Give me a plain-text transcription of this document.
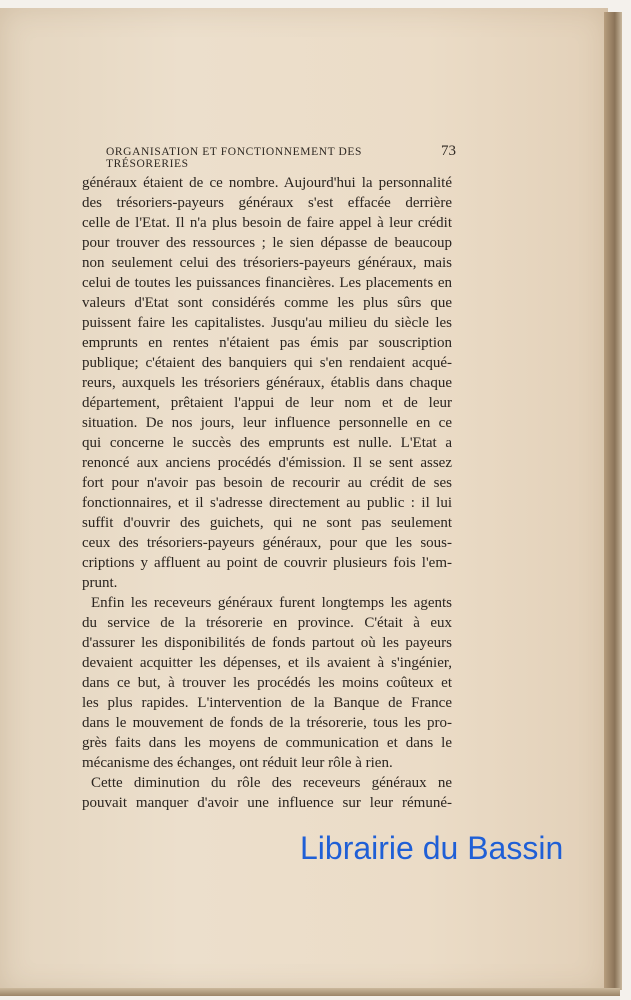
ORGANISATION ET FONCTIONNEMENT DES TRÉSORERIES
73
généraux étaient de ce nombre. Aujourd'hui la personnalité
des trésoriers-payeurs généraux s'est effacée derrière
celle de l'Etat. Il n'a plus besoin de faire appel à leur crédit
pour trouver des ressources ; le sien dépasse de beaucoup
non seulement celui des trésoriers-payeurs généraux, mais
celui de toutes les puissances financières. Les placements en
valeurs d'Etat sont considérés comme les plus sûrs que
puissent faire les capitalistes. Jusqu'au milieu du siècle les
emprunts en rentes n'étaient pas émis par souscription
publique; c'étaient des banquiers qui s'en rendaient acqué-
reurs, auxquels les trésoriers généraux, établis dans chaque
département, prêtaient l'appui de leur nom et de leur
situation. De nos jours, leur influence personnelle en ce
qui concerne le succès des emprunts est nulle. L'Etat a
renoncé aux anciens procédés d'émission. Il se sent assez
fort pour n'avoir pas besoin de recourir au crédit de ses
fonctionnaires, et il s'adresse directement au public : il lui
suffit d'ouvrir des guichets, qui ne sont pas seulement
ceux des trésoriers-payeurs généraux, pour que les sous-
criptions y affluent au point de couvrir plusieurs fois l'em-
prunt.
Enfin les receveurs généraux furent longtemps les agents
du service de la trésorerie en province. C'était à eux
d'assurer les disponibilités de fonds partout où les payeurs
devaient acquitter les dépenses, et ils avaient à s'ingénier,
dans ce but, à trouver les procédés les moins coûteux et
les plus rapides. L'intervention de la Banque de France
dans le mouvement de fonds de la trésorerie, tous les pro-
grès faits dans les moyens de communication et dans le
mécanisme des échanges, ont réduit leur rôle à rien.
Cette diminution du rôle des receveurs généraux ne
pouvait manquer d'avoir une influence sur leur rémuné-
Librairie du Bassin
